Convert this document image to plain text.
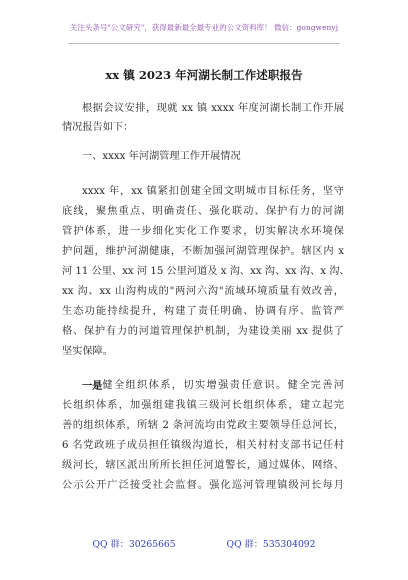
关注头条号"公文研究"，获得最新最全最专业的公文资料库！ 微信：gongwenyj
xx 镇 2023 年河湖长制工作述职报告
根据会议安排，现就 xx 镇 xxxx 年度河湖长制工作开展
情况报告如下：
一、xxxx 年河湖管理工作开展情况
xxxx 年，xx 镇紧扣创建全国文明城市目标任务，坚守
底线，聚焦重点、明确责任、强化联动、保护有力的河湖
管护体系，进一步细化实化工作要求，切实解决水环境保
护问题，维护河湖健康，不断加强河湖管理保护。辖区内 x
河 11 公里、xx 河 15 公里河道及 x 沟、xx 沟、xx 沟、x 沟、
xx 沟、xx 山沟构成的"两河六沟"流域环境质量有效改善，
生态功能持续提升，构建了责任明确、协调有序、监管严
格、保护有力的河道管理保护机制，为建设美丽 xx 提供了
坚实保障。
一是 健全组织体系，切实增强责任意识。健全完善河
长组织体系，加强组建我镇三级河长组织体系，建立起完
善的组织体系，所辖 2 条河流均由党政主要领导任总河长，
6 名党政班子成员担任镇级沟道长，相关村村支部书记任村
级河长，辖区派出所所长担任河道警长，通过媒体、网络、
公示公开广泛接受社会监督。强化巡河管理镇级河长每月
QQ 群：30265665	QQ 群：535304092
